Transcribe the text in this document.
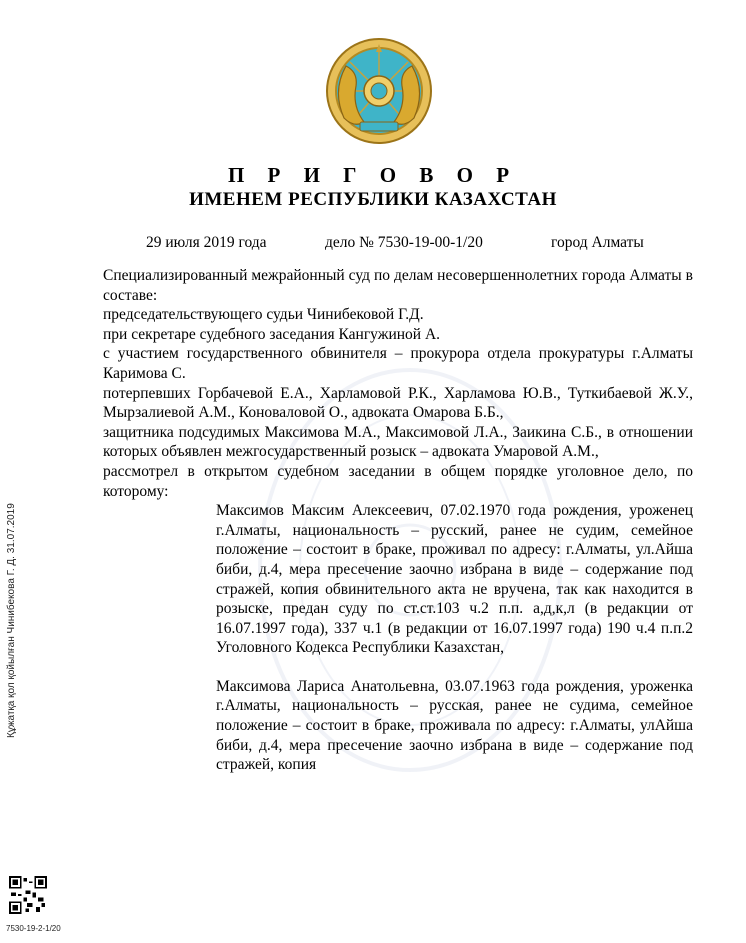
П Р И Г О В О Р
ИМЕНЕМ РЕСПУБЛИКИ КАЗАХСТАН
29 июля 2019 года	дело № 7530-19-00-1/20	город Алматы

Специализированный межрайонный суд по делам несовершеннолетних города Алматы в составе:

председательствующего судьи Чинибековой Г.Д.

при секретаре судебного заседания Кангужиной А.

с участием государственного обвинителя – прокурора отдела прокуратуры г.Алматы Каримова С.

потерпевших Горбачевой Е.А., Харламовой Р.К., Харламова Ю.В., Туткибаевой Ж.У., Мырзалиевой А.М., Коноваловой О., адвоката Омарова Б.Б.,

защитника подсудимых Максимова М.А., Максимовой Л.А., Заикина С.Б., в отношении которых объявлен межгосударственный розыск – адвоката Умаровой А.М.,

рассмотрел в открытом судебном заседании в общем порядке уголовное дело, по которому:

Максимов Максим Алексеевич, 07.02.1970 года рождения, уроженец г.Алматы, национальность – русский, ранее не судим, семейное положение – состоит в браке, проживал по адресу: г.Алматы, ул.Айша биби, д.4, мера пресечение заочно избрана в виде – содержание под стражей, копия обвинительного акта не вручена, так как находится в розыске, предан суду по ст.ст.103 ч.2 п.п. а,д,к,л (в редакции от 16.07.1997 года), 337 ч.1 (в редакции от 16.07.1997 года) 190 ч.4 п.п.2 Уголовного Кодекса Республики Казахстан,

Максимова Лариса Анатольевна, 03.07.1963 года рождения, уроженка г.Алматы, национальность – русская, ранее не судима, семейное положение – состоит в браке, проживала по адресу: г.Алматы, улАйша биби, д.4, мера пресечение заочно избрана в виде – содержание под стражей, копия

Құжатқа қол қойылған Чинибекова Г. Д. 31.07.2019
7530-19-2-1/20
